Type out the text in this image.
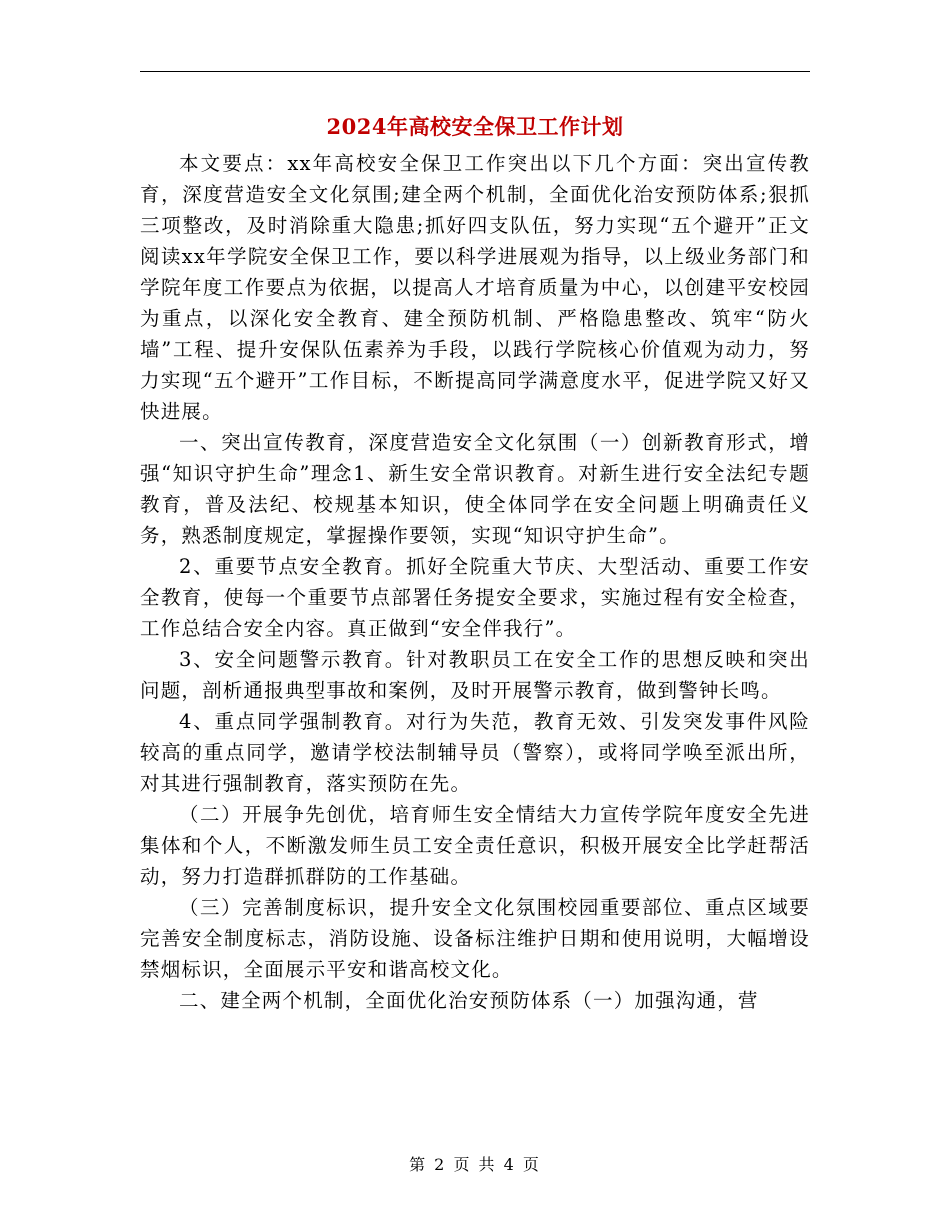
2024年高校安全保卫工作计划

本文要点：xx年高校安全保卫工作突出以下几个方面：突出宣传教育，深度营造安全文化氛围;建全两个机制，全面优化治安预防体系;狠抓三项整改，及时消除重大隐患;抓好四支队伍，努力实现“五个避开”正文阅读xx年学院安全保卫工作，要以科学进展观为指导，以上级业务部门和学院年度工作要点为依据，以提高人才培育质量为中心，以创建平安校园为重点，以深化安全教育、建全预防机制、严格隐患整改、筑牢“防火墙”工程、提升安保队伍素养为手段，以践行学院核心价值观为动力，努力实现“五个避开”工作目标，不断提高同学满意度水平，促进学院又好又快进展。

一、突出宣传教育，深度营造安全文化氛围（一）创新教育形式，增强“知识守护生命”理念1、新生安全常识教育。对新生进行安全法纪专题教育，普及法纪、校规基本知识，使全体同学在安全问题上明确责任义务，熟悉制度规定，掌握操作要领，实现“知识守护生命”。

2、重要节点安全教育。抓好全院重大节庆、大型活动、重要工作安全教育，使每一个重要节点部署任务提安全要求，实施过程有安全检查，工作总结合安全内容。真正做到“安全伴我行”。

3、安全问题警示教育。针对教职员工在安全工作的思想反映和突出问题，剖析通报典型事故和案例，及时开展警示教育，做到警钟长鸣。

4、重点同学强制教育。对行为失范，教育无效、引发突发事件风险较高的重点同学，邀请学校法制辅导员（警察），或将同学唤至派出所，对其进行强制教育，落实预防在先。

（二）开展争先创优，培育师生安全情结大力宣传学院年度安全先进集体和个人，不断激发师生员工安全责任意识，积极开展安全比学赶帮活动，努力打造群抓群防的工作基础。

（三）完善制度标识，提升安全文化氛围校园重要部位、重点区域要完善安全制度标志，消防设施、设备标注维护日期和使用说明，大幅增设禁烟标识，全面展示平安和谐高校文化。

二、建全两个机制，全面优化治安预防体系（一）加强沟通，营

第 2 页 共 4 页
